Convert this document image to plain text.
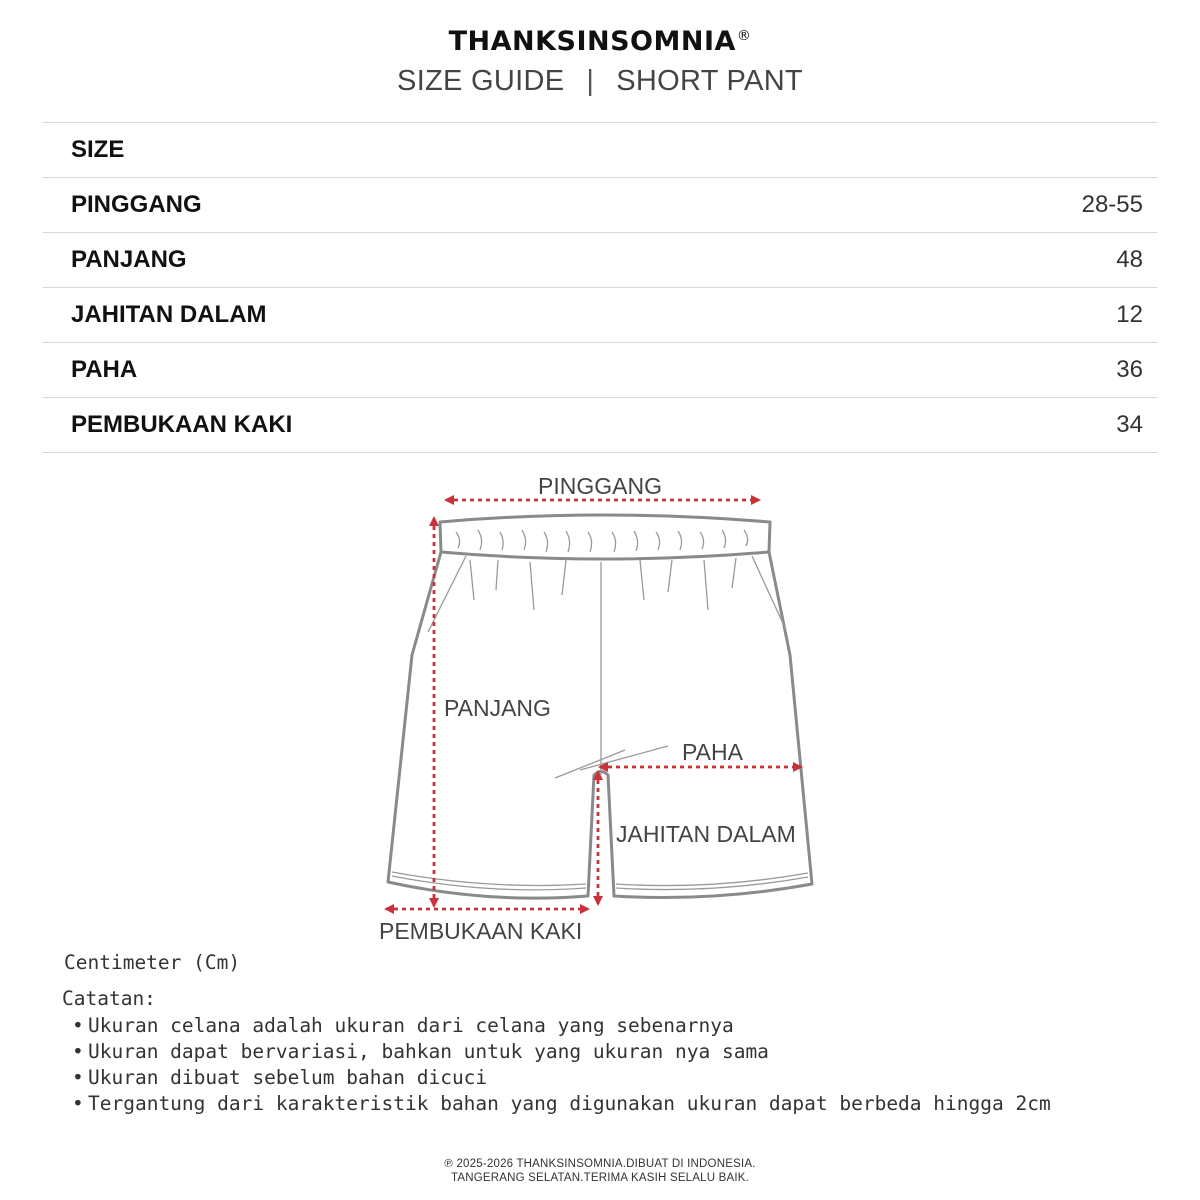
THANKSINSOMNIA®
SIZE GUIDE | SHORT PANT
SIZE
PINGGANG	28-55
PANJANG	48
JAHITAN DALAM	12
PAHA	36
PEMBUKAAN KAKI	34
PINGGANG
PANJANG
PAHA
JAHITAN DALAM
PEMBUKAAN KAKI
Centimeter (Cm)
Catatan:
• Ukuran celana adalah ukuran dari celana yang sebenarnya
• Ukuran dapat bervariasi, bahkan untuk yang ukuran nya sama
• Ukuran dibuat sebelum bahan dicuci
• Tergantung dari karakteristik bahan yang digunakan ukuran dapat berbeda hingga 2cm
℗ 2025-2026 THANKSINSOMNIA.DIBUAT DI INDONESIA.
TANGERANG SELATAN.TERIMA KASIH SELALU BAIK.
